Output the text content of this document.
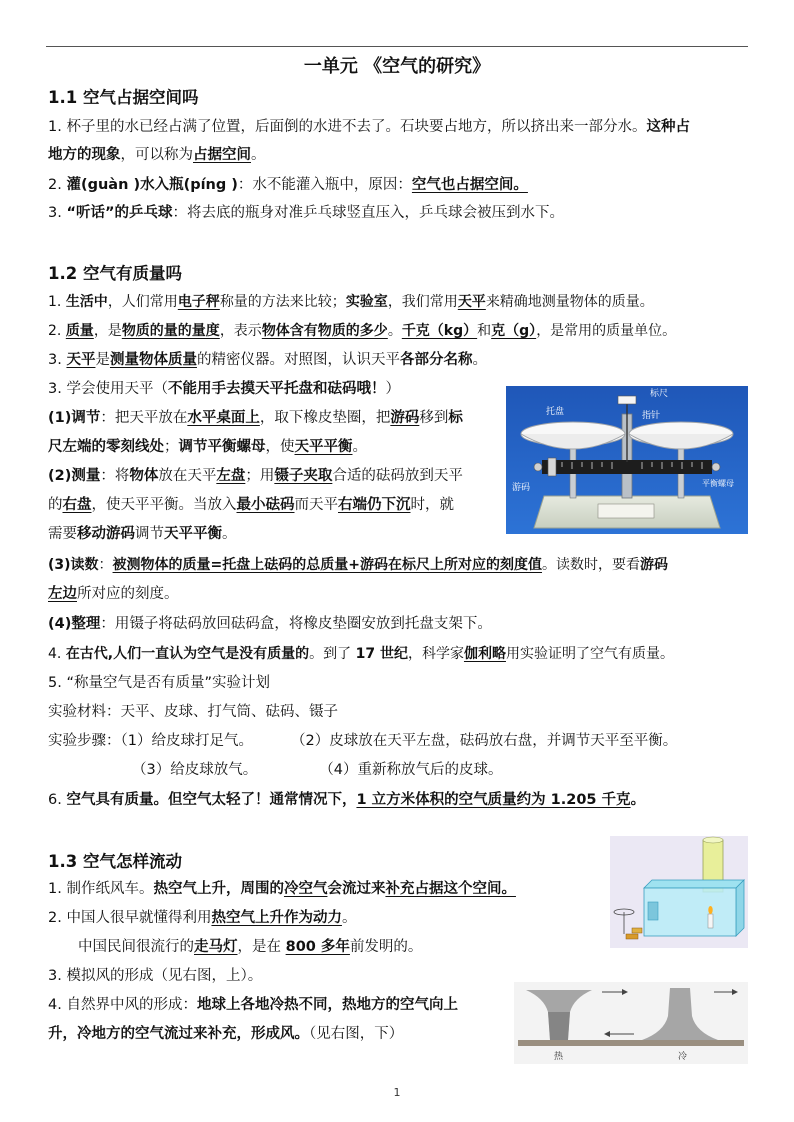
一单元 《空气的研究》
1.1 空气占据空间吗
1. 杯子里的水已经占满了位置，后面倒的水进不去了。石块要占地方，所以挤出来一部分水。这种占
地方的现象，可以称为占据空间。
2. 灌(guàn )水入瓶(píng )：水不能灌入瓶中，原因：空气也占据空间。
3. “听话”的乒乓球：将去底的瓶身对准乒乓球竖直压入，乒乓球会被压到水下。
1.2 空气有质量吗
1. 生活中，人们常用电子秤称量的方法来比较；实验室，我们常用天平来精确地测量物体的质量。
2. 质量，是物质的量的量度，表示物体含有物质的多少。千克（kg）和克（g），是常用的质量单位。
3. 天平是测量物体质量的精密仪器。对照图，认识天平各部分名称。
3. 学会使用天平（不能用手去摸天平托盘和砝码哦！）
(1)调节：把天平放在水平桌面上，取下橡皮垫圈，把游码移到标
尺左端的零刻线处；调节平衡螺母，使天平平衡。
(2)测量：将物体放在天平左盘；用镊子夹取合适的砝码放到天平
的右盘，使天平平衡。当放入最小砝码而天平右端仍下沉时，就
需要移动游码调节天平平衡。
(3)读数：被测物体的质量=托盘上砝码的总质量+游码在标尺上所对应的刻度值。读数时，要看游码
左边所对应的刻度。
(4)整理：用镊子将砝码放回砝码盒，将橡皮垫圈安放到托盘支架下。
4. 在古代,人们一直认为空气是没有质量的。到了 17 世纪，科学家伽利略用实验证明了空气有质量。
5. “称量空气是否有质量”实验计划
实验材料：天平、皮球、打气筒、砝码、镊子
实验步骤：（1）给皮球打足气。	（2）皮球放在天平左盘，砝码放右盘，并调节天平至平衡。
（3）给皮球放气。	（4）重新称放气后的皮球。
6. 空气具有质量。但空气太轻了！通常情况下，1 立方米体积的空气质量约为 1.205 千克。
托盘
标尺
指针
游码	平衡螺母
1.3 空气怎样流动
1. 制作纸风车。热空气上升，周围的冷空气会流过来补充占据这个空间。
2. 中国人很早就懂得利用热空气上升作为动力。
中国民间很流行的走马灯，是在 800 多年前发明的。
3. 模拟风的形成（见右图，上）。
4. 自然界中风的形成：地球上各地冷热不同，热地方的空气向上
升，冷地方的空气流过来补充，形成风。（见右图，下）
热	冷
1
